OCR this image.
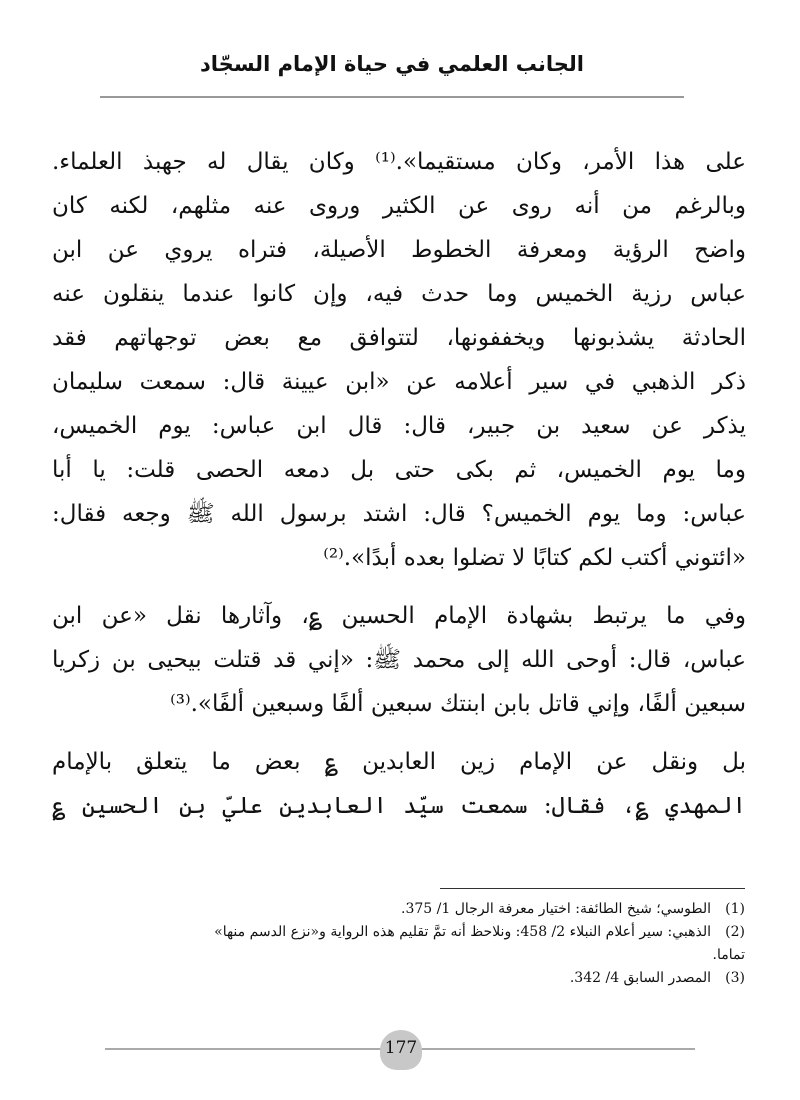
الجانب العلمي في حياة الإمام السجّاد
على هذا الأمر، وكان مستقيما».⁽¹⁾ وكان يقال له جهبذ العلماء.
وبالرغم من أنه روى عن الكثير وروى عنه مثلهم، لكنه كان
واضح الرؤية ومعرفة الخطوط الأصيلة، فتراه يروي عن ابن
عباس رزية الخميس وما حدث فيه، وإن كانوا عندما ينقلون عنه
الحادثة يشذبونها ويخففونها، لتتوافق مع بعض توجهاتهم فقد
ذكر الذهبي في سير أعلامه عن «ابن عيينة قال: سمعت سليمان
يذكر عن سعيد بن جبير، قال: قال ابن عباس: يوم الخميس،
وما يوم الخميس، ثم بكى حتى بل دمعه الحصى قلت: يا أبا
عباس: وما يوم الخميس؟ قال: اشتد برسول الله ﷺ وجعه فقال:
«ائتوني أكتب لكم كتابًا لا تضلوا بعده أبدًا».⁽²⁾
وفي ما يرتبط بشهادة الإمام الحسين ؏، وآثارها نقل «عن ابن
عباس، قال: أوحى الله إلى محمد ﷺ: «إني قد قتلت بيحيى بن زكريا
سبعين ألفًا، وإني قاتل بابن ابنتك سبعين ألفًا وسبعين ألفًا».⁽³⁾
بل ونقل عن الإمام زين العابدين ؏ بعض ما يتعلق بالإمام
المهدي ؏، فقال: سمعت سيّد العابدين عليّ بن الحسين ؏
(1)الطوسي؛ شيخ الطائفة: اختيار معرفة الرجال 1/ 375.
(2)الذهبي: سير أعلام النبلاء 2/ 458: ونلاحظ أنه تمَّ تقليم هذه الرواية و«نزع الدسم منها» تماما.
(3)المصدر السابق 4/ 342.
177
